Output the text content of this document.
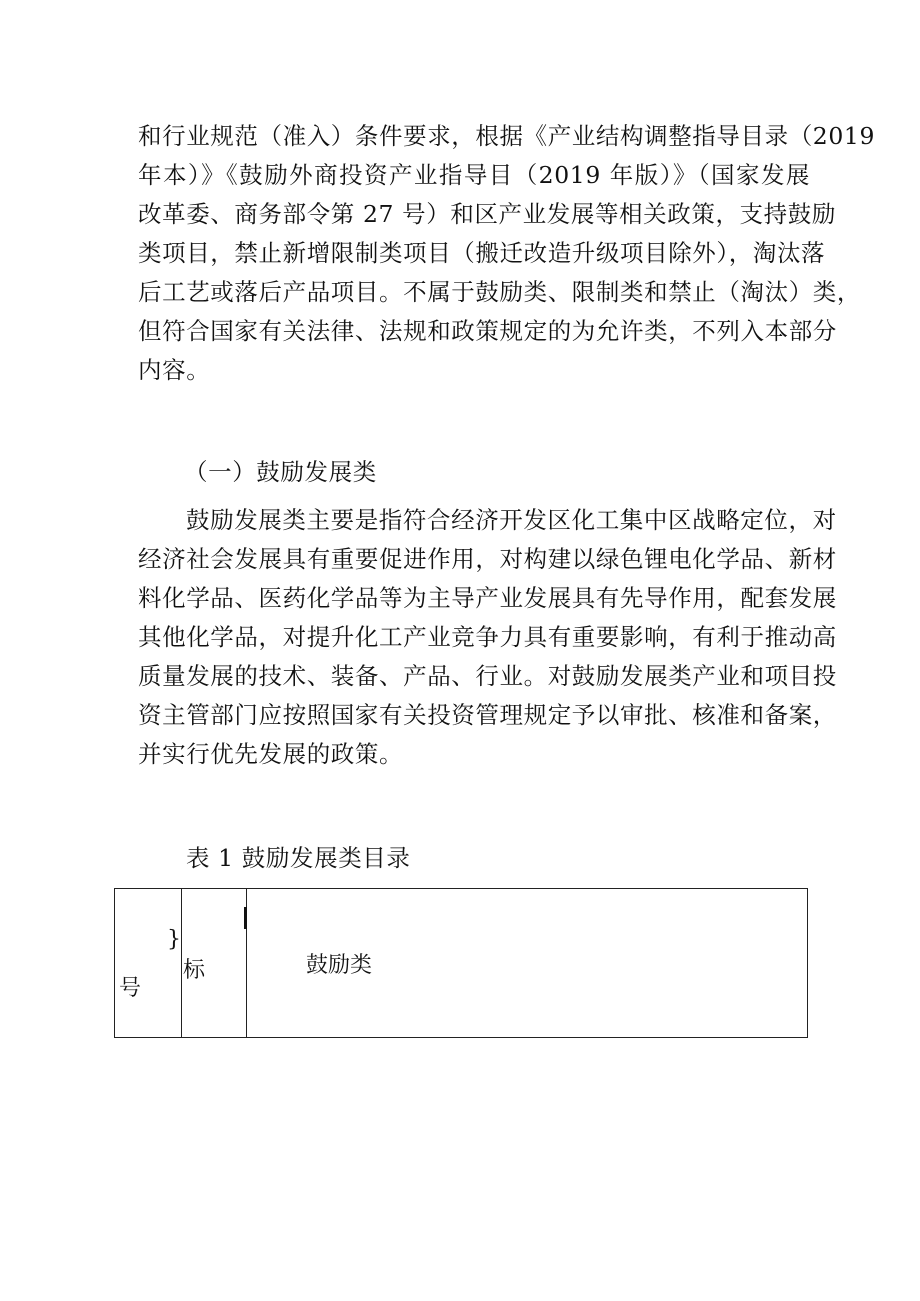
和行业规范（准入）条件要求，根据《产业结构调整指导目录（2019
年本）》《鼓励外商投资产业指导目（2019 年版）》（国家发展
改革委、商务部令第 27 号）和区产业发展等相关政策，支持鼓励
类项目，禁止新增限制类项目（搬迁改造升级项目除外），淘汰落
后工艺或落后产品项目。不属于鼓励类、限制类和禁止（淘汰）类，
但符合国家有关法律、法规和政策规定的为允许类，不列入本部分
内容。

（一）鼓励发展类

鼓励发展类主要是指符合经济开发区化工集中区战略定位，对
经济社会发展具有重要促进作用，对构建以绿色锂电化学品、新材
料化学品、医药化学品等为主导产业发展具有先导作用，配套发展
其他化学品，对提升化工产业竞争力具有重要影响，有利于推动高
质量发展的技术、装备、产品、行业。对鼓励发展类产业和项目投
资主管部门应按照国家有关投资管理规定予以审批、核准和备案，
并实行优先发展的政策。

表 1 鼓励发展类目录

}
号
标	鼓励类
